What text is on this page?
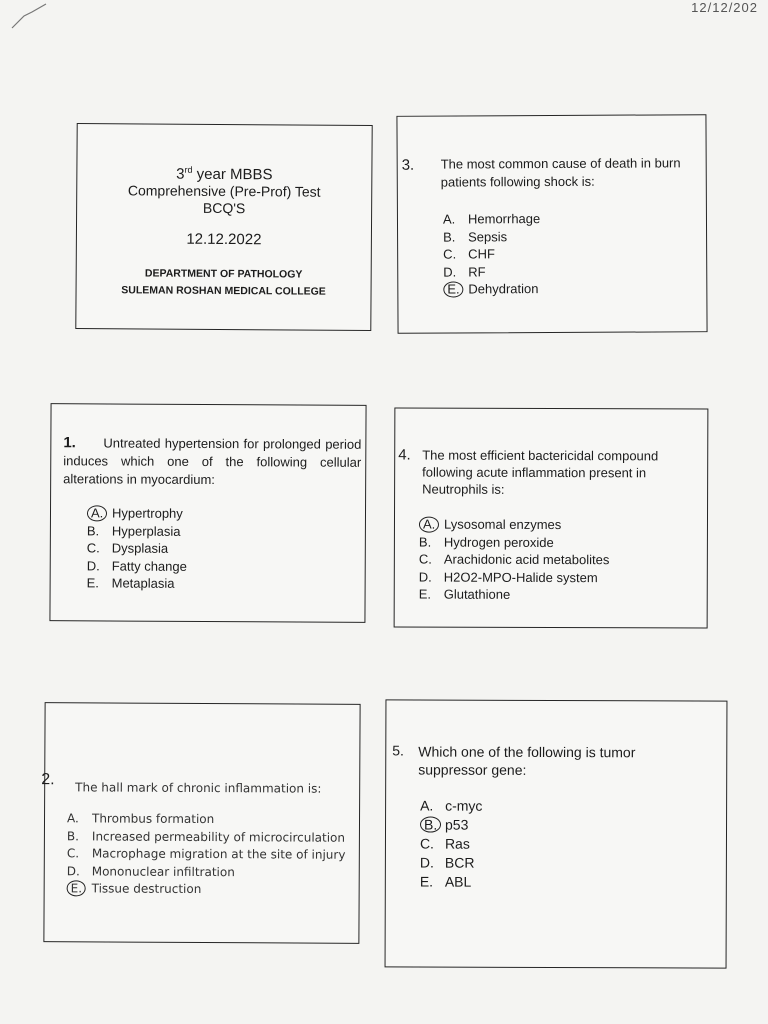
12/12/202
3rd year MBBS
Comprehensive (Pre-Prof) Test
BCQ'S
12.12.2022
DEPARTMENT OF PATHOLOGY
SULEMAN ROSHAN MEDICAL COLLEGE
3. The most common cause of death in burn patients following shock is:
A. Hemorrhage
B. Sepsis
C. CHF
D. RF
E. Dehydration
1.	Untreated hypertension for prolonged period induces which one of the following cellular alterations in myocardium:
A. Hypertrophy
B. Hyperplasia
C. Dysplasia
D. Fatty change
E. Metaplasia
4. The most efficient bactericidal compound following acute inflammation present in Neutrophils is:
A. Lysosomal enzymes
B. Hydrogen peroxide
C. Arachidonic acid metabolites
D. H2O2-MPO-Halide system
E. Glutathione
2. The hall mark of chronic inflammation is:
A. Thrombus formation
B. Increased permeability of microcirculation
C. Macrophage migration at the site of injury
D. Mononuclear infiltration
E. Tissue destruction
5. Which one of the following is tumor suppressor gene:
A. c-myc
B. p53
C. Ras
D. BCR
E. ABL
